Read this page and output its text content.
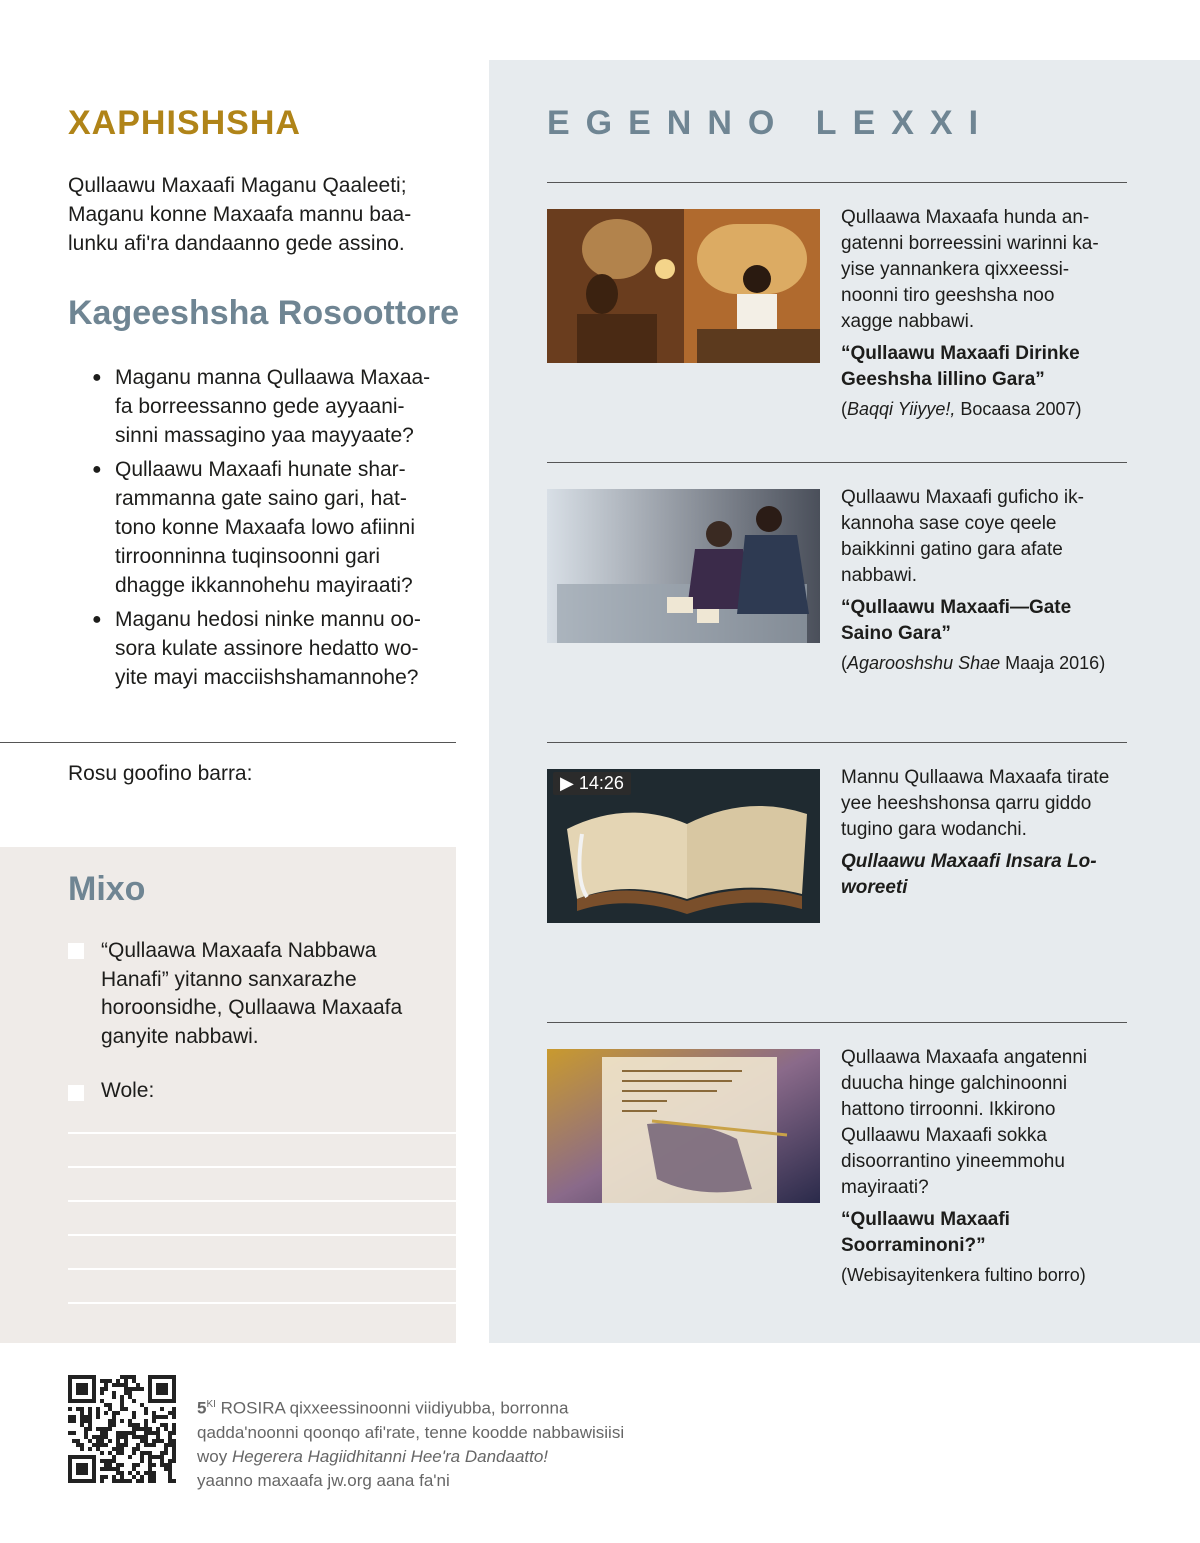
XAPHISHSHA
Qullaawu Maxaafi Maganu Qaaleeti;
Maganu konne Maxaafa mannu baa-
lunku afi'ra dandaanno gede assino.
Kageeshsha Rosoottore
● Maganu manna Qullaawa Maxaa-
fa borreessanno gede ayyaani-
sinni massagino yaa mayyaate?
● Qullaawu Maxaafi hunate shar-
rammanna gate saino gari, hat-
tono konne Maxaafa lowo afiinni
tirroonninna tuqinsoonni gari
dhagge ikkannohehu mayiraati?
● Maganu hedosi ninke mannu oo-
sora kulate assinore hedatto wo-
yite mayi macciishshamannohe?
Rosu goofino barra:
Mixo
“Qullaawa Maxaafa Nabbawa
Hanafi” yitanno sanxarazhe
horoonsidhe, Qullaawa Maxaafa
ganyite nabbawi.
Wole:
EGENNO LEXXI
Qullaawa Maxaafa hunda an-
gatenni borreessini warinni ka-
yise yannankera qixxeessi-
noonni tiro geeshsha noo
xagge nabbawi.
“Qullaawu Maxaafi Dirinke
Geeshsha Iillino Gara”
(Baqqi Yiiyye!, Bocaasa 2007)
Qullaawu Maxaafi guficho ik-
kannoha sase coye qeele
baikkinni gatino gara afate
nabbawi.
“Qullaawu Maxaafi—Gate
Saino Gara”
(Agarooshshu Shae Maaja 2016)
▶ 14:26	Mannu Qullaawa Maxaafa tirate
yee heeshshonsa qarru giddo
tugino gara wodanchi.
Qullaawu Maxaafi Insara Lo-
woreeti
Qullaawa Maxaafa angatenni
duucha hinge galchinoonni
hattono tirroonni. Ikkirono
Qullaawu Maxaafi sokka
disoorrantino yineemmohu
mayiraati?
“Qullaawu Maxaafi
Soorraminoni?”
(Webisayitenkera fultino borro)
$5^{KI}$ ROSIRA qixxeessinoonni viidiyubba, borronna
qadda'noonni qoonqo afi'rate, tenne koodde nabbawisiisi
woy Hegerera Hagiidhitanni Hee'ra Dandaatto!
yaanno maxaafa jw.org aana fa'ni
